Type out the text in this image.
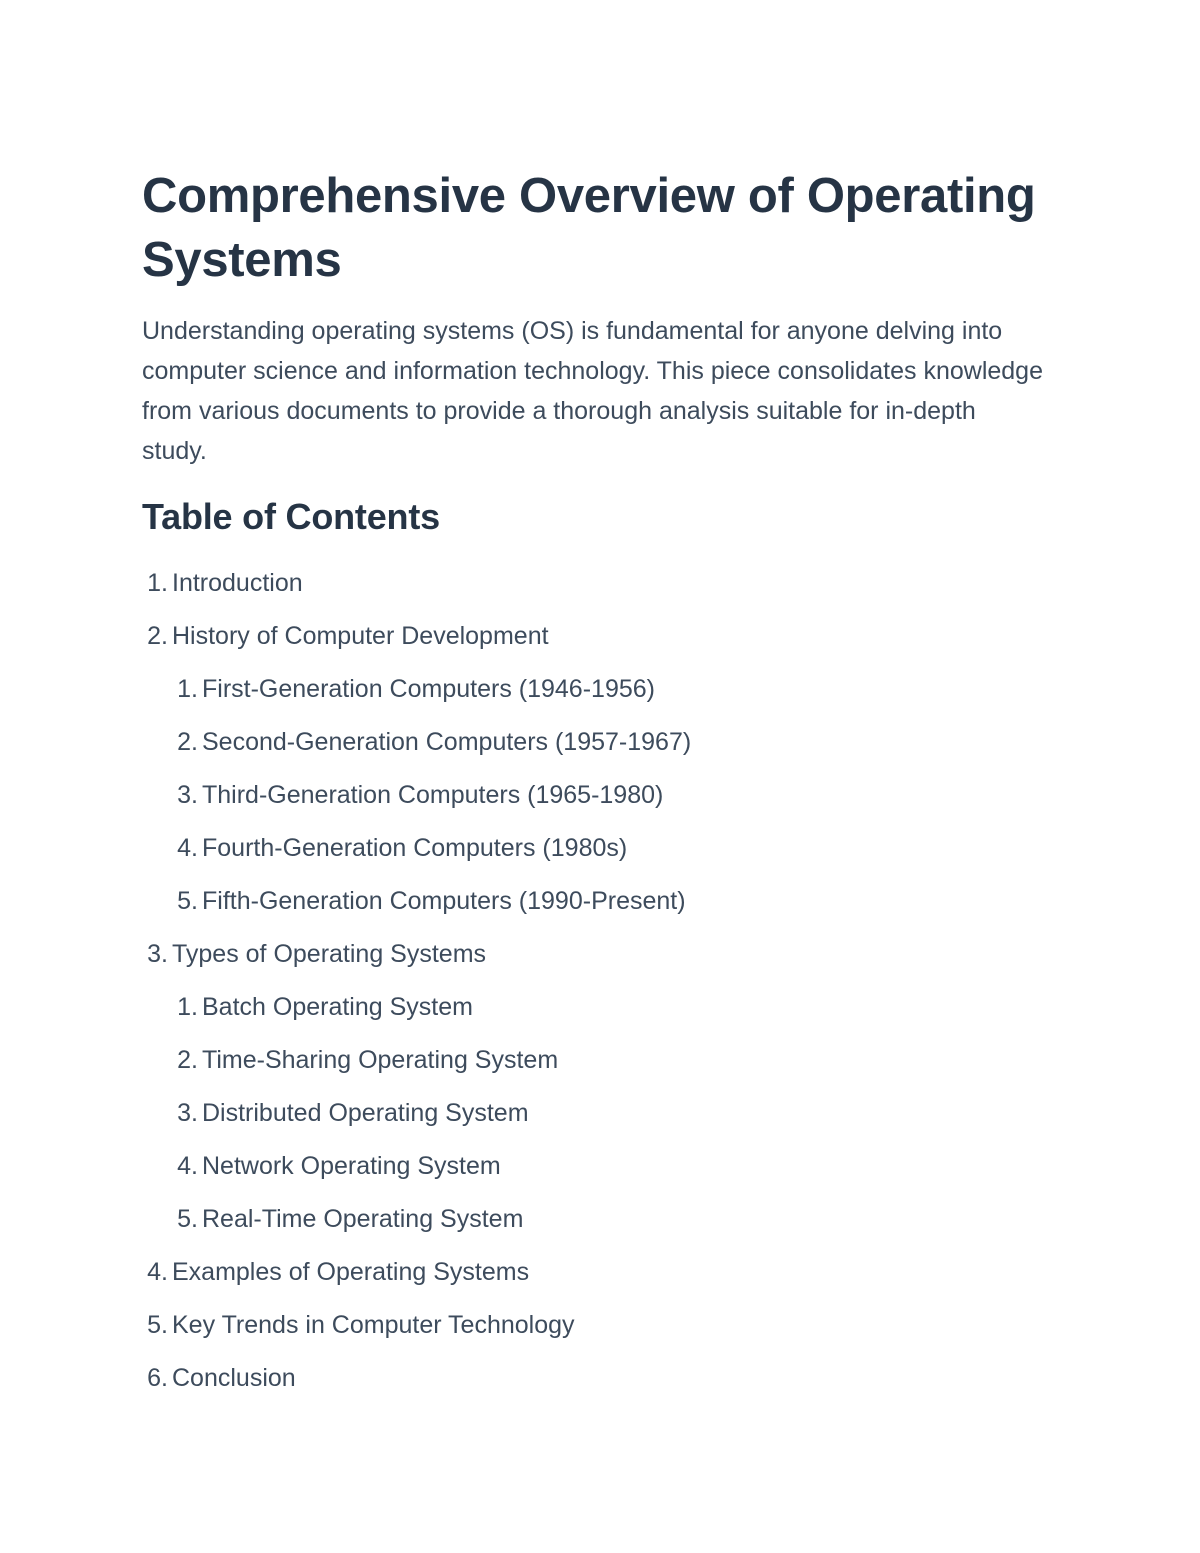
Comprehensive Overview of Operating Systems

Understanding operating systems (OS) is fundamental for anyone delving into computer science and information technology. This piece consolidates knowledge from various documents to provide a thorough analysis suitable for in-depth study.

Table of Contents
1. Introduction
2. History of Computer Development
1. First-Generation Computers (1946-1956)
2. Second-Generation Computers (1957-1967)
3. Third-Generation Computers (1965-1980)
4. Fourth-Generation Computers (1980s)
5. Fifth-Generation Computers (1990-Present)
3. Types of Operating Systems
1. Batch Operating System
2. Time-Sharing Operating System
3. Distributed Operating System
4. Network Operating System
5. Real-Time Operating System
4. Examples of Operating Systems
5. Key Trends in Computer Technology
6. Conclusion
